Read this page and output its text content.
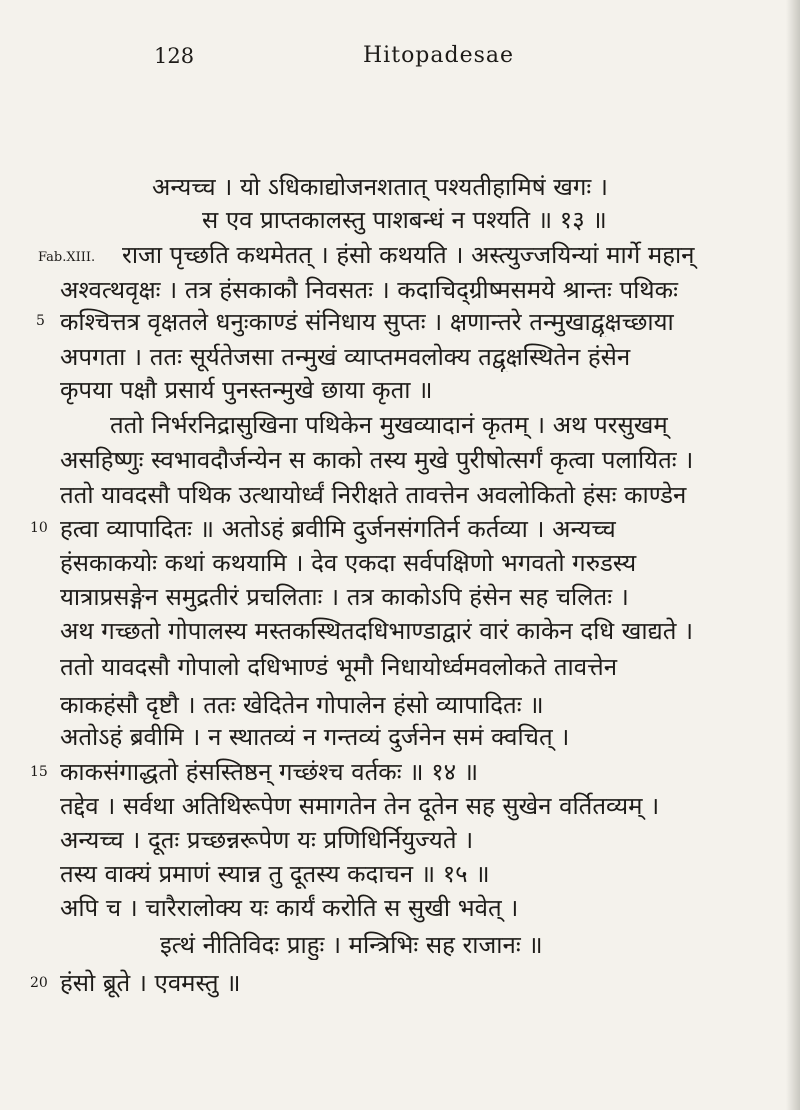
128	Hitopadesae
Fab.XIII.
5
10
15
20
अन्यच्च । यो ऽधिकाद्योजनशतात् पश्यतीहामिषं खगः ।
स एव प्राप्तकालस्तु पाशबन्धं न पश्यति ॥ १३ ॥
राजा पृच्छति कथमेतत् । हंसो कथयति । अस्त्युज्जयिन्यां मार्गे महान्
अश्वत्थवृक्षः । तत्र हंसकाकौ निवसतः । कदाचिद्ग्रीष्मसमये श्रान्तः पथिकः
कश्चित्तत्र वृक्षतले धनुःकाण्डं संनिधाय सुप्तः । क्षणान्तरे तन्मुखाद्वृक्षच्छाया
अपगता । ततः सूर्यतेजसा तन्मुखं व्याप्तमवलोक्य तद्वृक्षस्थितेन हंसेन
कृपया पक्षौ प्रसार्य पुनस्तन्मुखे छाया कृता ॥
ततो निर्भरनिद्रासुखिना पथिकेन मुखव्यादानं कृतम् । अथ परसुखम्
असहिष्णुः स्वभावदौर्जन्येन स काको तस्य मुखे पुरीषोत्सर्गं कृत्वा पलायितः ।
ततो यावदसौ पथिक उत्थायोर्ध्वं निरीक्षते तावत्तेन अवलोकितो हंसः काण्डेन
हत्वा व्यापादितः ॥ अतोऽहं ब्रवीमि दुर्जनसंगतिर्न कर्तव्या । अन्यच्च
हंसकाकयोः कथां कथयामि । देव एकदा सर्वपक्षिणो भगवतो गरुडस्य
यात्राप्रसङ्गेन समुद्रतीरं प्रचलिताः । तत्र काकोऽपि हंसेन सह चलितः ।
अथ गच्छतो गोपालस्य मस्तकस्थितदधिभाण्डाद्वारं वारं काकेन दधि खाद्यते ।
ततो यावदसौ गोपालो दधिभाण्डं भूमौ निधायोर्ध्वमवलोकते तावत्तेन
काकहंसौ दृष्टौ । ततः खेदितेन गोपालेन हंसो व्यापादितः ॥
अतोऽहं ब्रवीमि । न स्थातव्यं न गन्तव्यं दुर्जनेन समं क्वचित् ।
काकसंगाद्धतो हंसस्तिष्ठन् गच्छंश्च वर्तकः ॥ १४ ॥
तद्देव । सर्वथा अतिथिरूपेण समागतेन तेन दूतेन सह सुखेन वर्तितव्यम् ।
अन्यच्च । दूतः प्रच्छन्नरूपेण यः प्रणिधिर्नियुज्यते ।
तस्य वाक्यं प्रमाणं स्यान्न तु दूतस्य कदाचन ॥ १५ ॥
अपि च । चारैरालोक्य यः कार्यं करोति स सुखी भवेत् ।
इत्थं नीतिविदः प्राहुः । मन्त्रिभिः सह राजानः ॥
हंसो ब्रूते । एवमस्तु ॥
